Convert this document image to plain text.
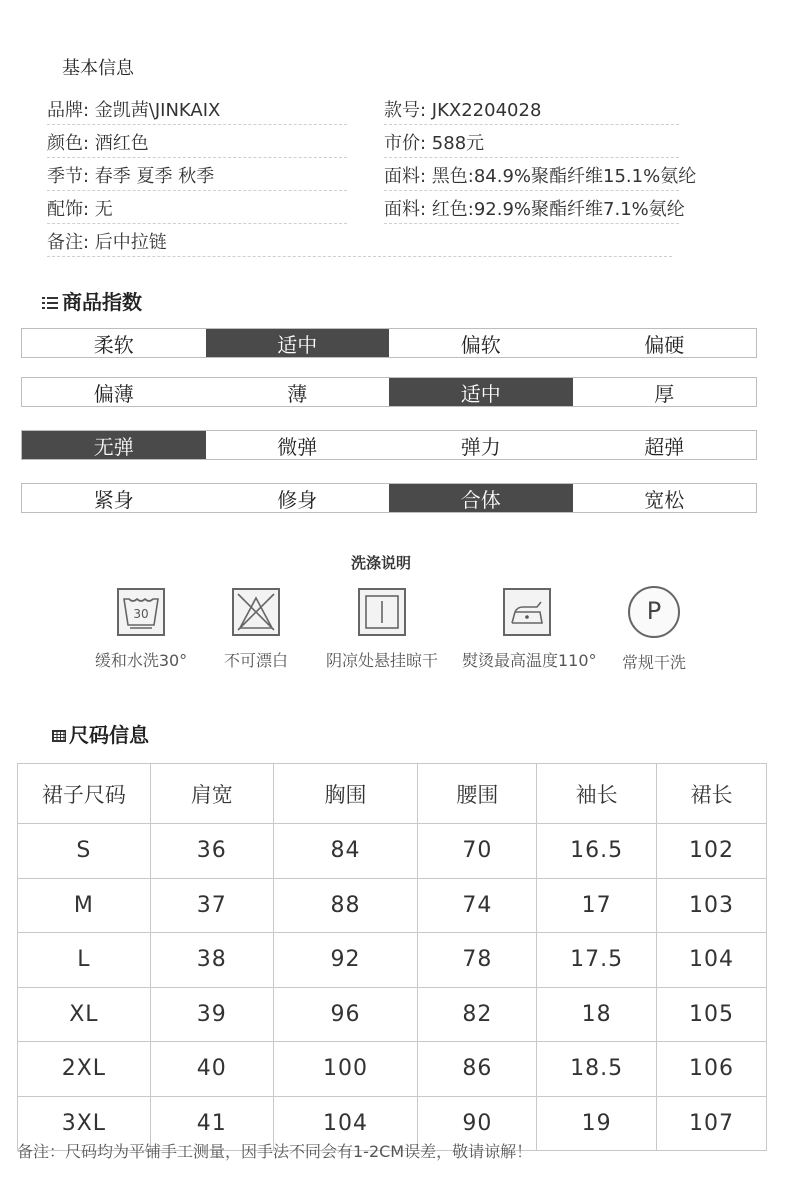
基本信息
品牌: 金凯茜\JINKAIX	款号: JKX2204028
颜色: 酒红色	市价: 588元
季节: 春季 夏季 秋季	面料: 黑色:84.9%聚酯纤维15.1%氨纶
配饰: 无	面料: 红色:92.9%聚酯纤维7.1%氨纶
备注: 后中拉链
商品指数
柔软	适中	偏软	偏硬
偏薄	薄	适中	厚
无弹	微弹	弹力	超弹
紧身	修身	合体	宽松
洗涤说明
30
缓和水洗30°	不可漂白	阴凉处悬挂晾干	熨烫最高温度110°
P
常规干洗
尺码信息
裙子尺码	肩宽	胸围	腰围	袖长	裙长
S	36	84	70	16.5	102
M	37	88	74	17	103
L	38	92	78	17.5	104
XL	39	96	82	18	105
2XL	40	100	86	18.5	106
3XL	41	104	90	19	107
备注：尺码均为平铺手工测量，因手法不同会有1-2CM误差，敬请谅解！
